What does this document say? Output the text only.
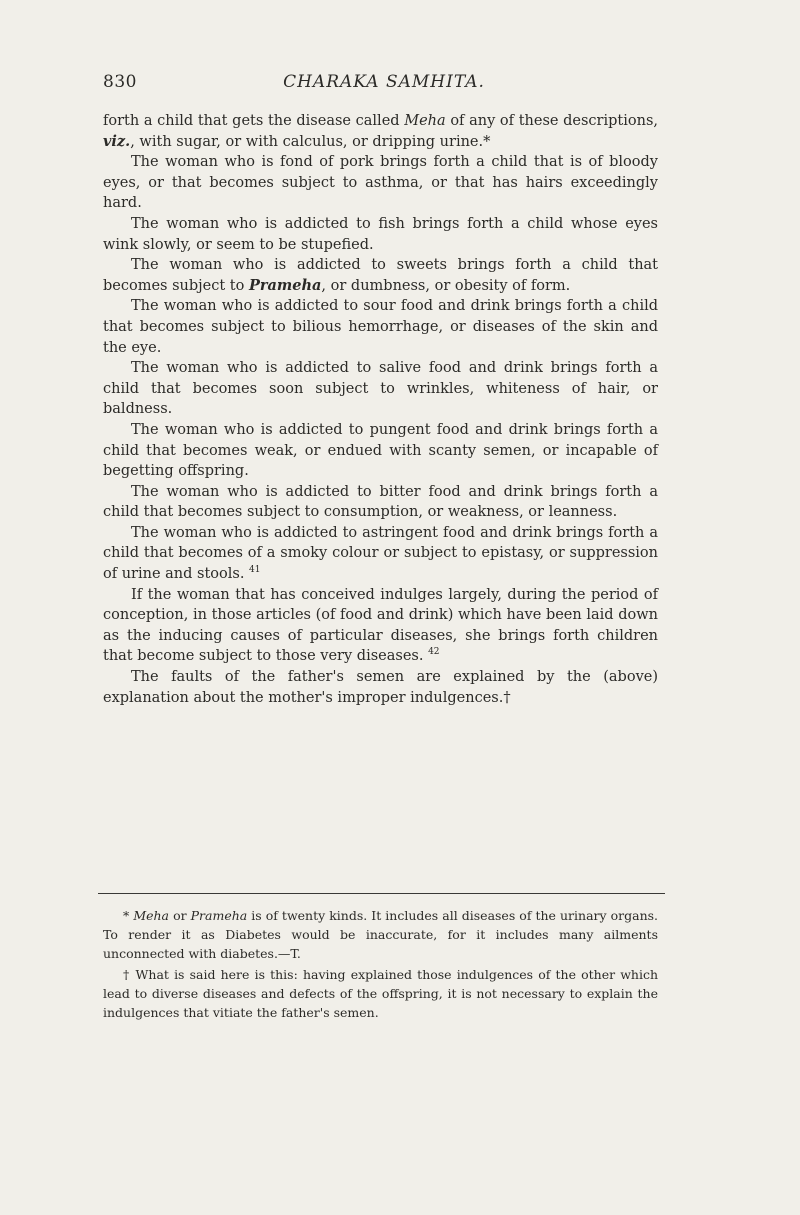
830	CHARAKA SAMHITA.

forth a child that gets the disease called Meha of any of these descriptions, viz., with sugar, or with calculus, or dripping urine.*

The woman who is fond of pork brings forth a child that is of bloody eyes, or that becomes subject to asthma, or that has hairs exceedingly hard.

The woman who is addicted to fish brings forth a child whose eyes wink slowly, or seem to be stupefied.

The woman who is addicted to sweets brings forth a child that becomes subject to Prameha, or dumbness, or obesity of form.

The woman who is addicted to sour food and drink brings forth a child that becomes subject to bilious hemorrhage, or diseases of the skin and the eye.

The woman who is addicted to salive food and drink brings forth a child that becomes soon subject to wrinkles, whiteness of hair, or baldness.

The woman who is addicted to pungent food and drink brings forth a child that becomes weak, or endued with scanty semen, or incapable of begetting offspring.

The woman who is addicted to bitter food and drink brings forth a child that becomes subject to consumption, or weakness, or leanness.

The woman who is addicted to astringent food and drink brings forth a child that becomes of a smoky colour or subject to epistasy, or suppression of urine and stools. $^{41}$

If the woman that has conceived indulges largely, during the period of conception, in those articles (of food and drink) which have been laid down as the inducing causes of particular diseases, she brings forth children that become subject to those very diseases. $^{42}$

The faults of the father's semen are explained by the (above) explanation about the mother's improper indulgences.†

* Meha or Prameha is of twenty kinds. It includes all diseases of the urinary organs. To render it as Diabetes would be inaccurate, for it includes many ailments unconnected with diabetes.—T.

† What is said here is this: having explained those indulgences of the other which lead to diverse diseases and defects of the offspring, it is not necessary to explain the indulgences that vitiate the father's semen.
